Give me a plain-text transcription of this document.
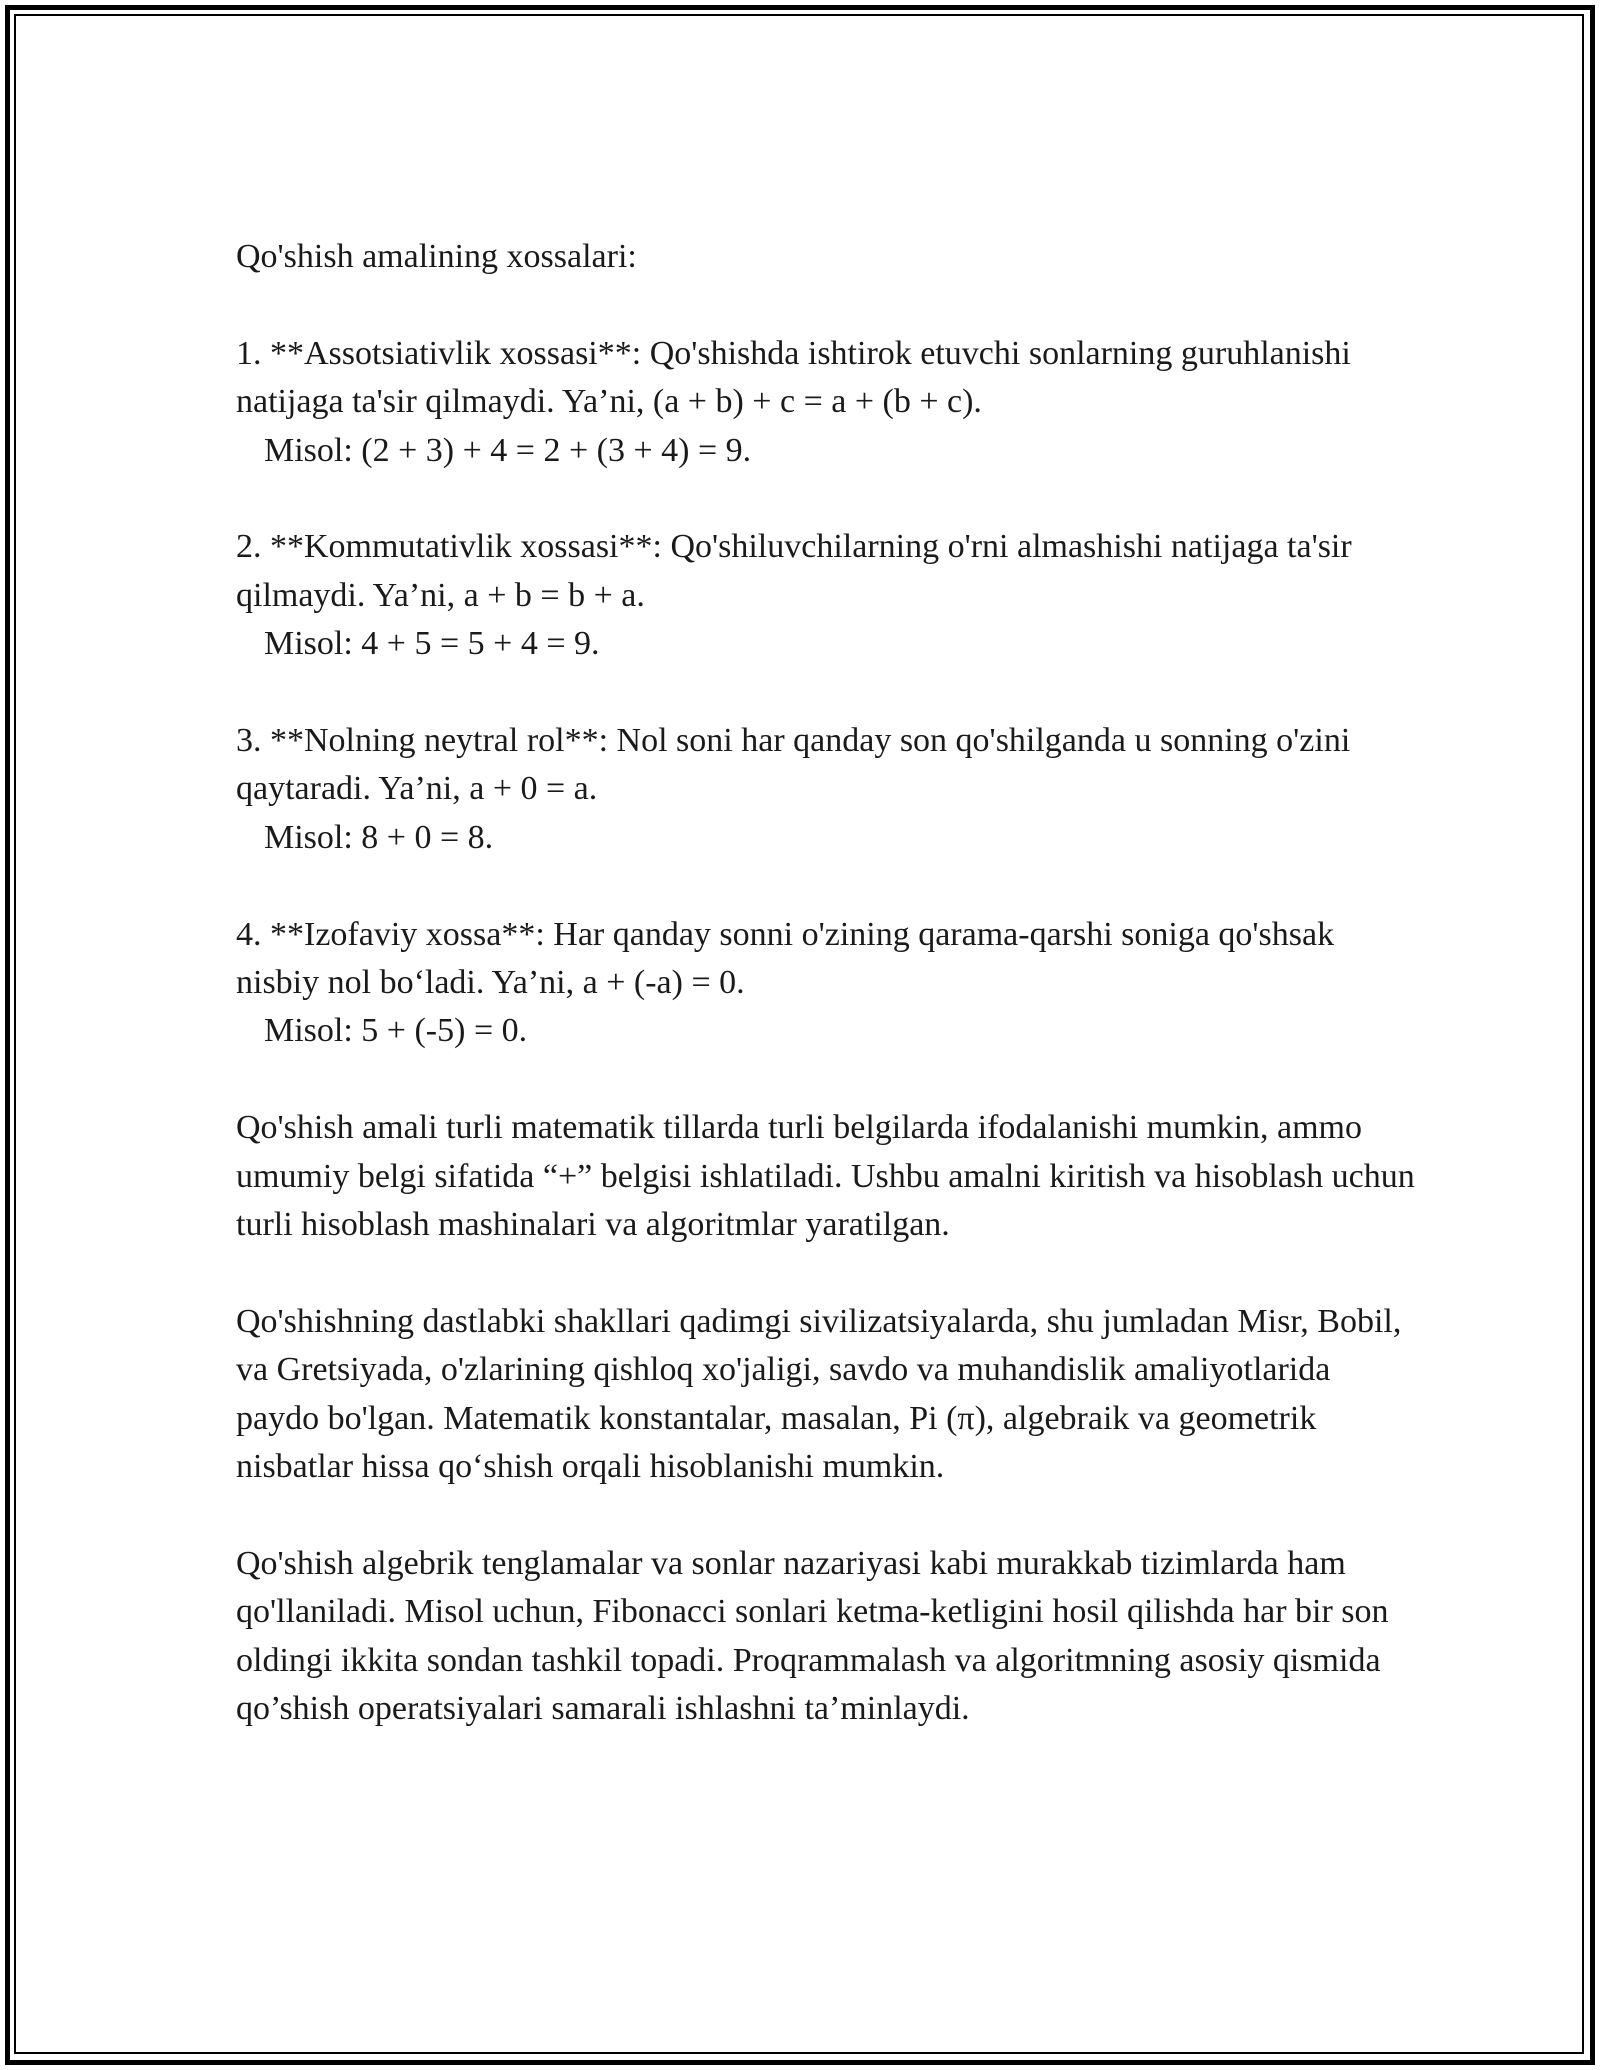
Qo'shish amalining xossalari:

1. **Assotsiativlik xossasi**: Qo'shishda ishtirok etuvchi sonlarning guruhlanishi natijaga ta'sir qilmaydi. Ya’ni, (a + b) + c = a + (b + c).

Misol: (2 + 3) + 4 = 2 + (3 + 4) = 9.

2. **Kommutativlik xossasi**: Qo'shiluvchilarning o'rni almashishi natijaga ta'sir qilmaydi. Ya’ni, a + b = b + a.

Misol: 4 + 5 = 5 + 4 = 9.

3. **Nolning neytral rol**: Nol soni har qanday son qo'shilganda u sonning o'zini qaytaradi. Ya’ni, a + 0 = a.

Misol: 8 + 0 = 8.

4. **Izofaviy xossa**: Har qanday sonni o'zining qarama-qarshi soniga qo'shsak nisbiy nol bo‘ladi. Ya’ni, a + (-a) = 0.

Misol: 5 + (-5) = 0.

Qo'shish amali turli matematik tillarda turli belgilarda ifodalanishi mumkin, ammo umumiy belgi sifatida “+” belgisi ishlatiladi. Ushbu amalni kiritish va hisoblash uchun turli hisoblash mashinalari va algoritmlar yaratilgan.

Qo'shishning dastlabki shakllari qadimgi sivilizatsiyalarda, shu jumladan Misr, Bobil, va Gretsiyada, o'zlarining qishloq xo'jaligi, savdo va muhandislik amaliyotlarida paydo bo'lgan. Matematik konstantalar, masalan, Pi (π), algebraik va geometrik nisbatlar hissa qo‘shish orqali hisoblanishi mumkin.

Qo'shish algebrik tenglamalar va sonlar nazariyasi kabi murakkab tizimlarda ham qo'llaniladi. Misol uchun, Fibonacci sonlari ketma-ketligini hosil qilishda har bir son oldingi ikkita sondan tashkil topadi. Proqrammalash va algoritmning asosiy qismida qo’shish operatsiyalari samarali ishlashni ta’minlaydi.
